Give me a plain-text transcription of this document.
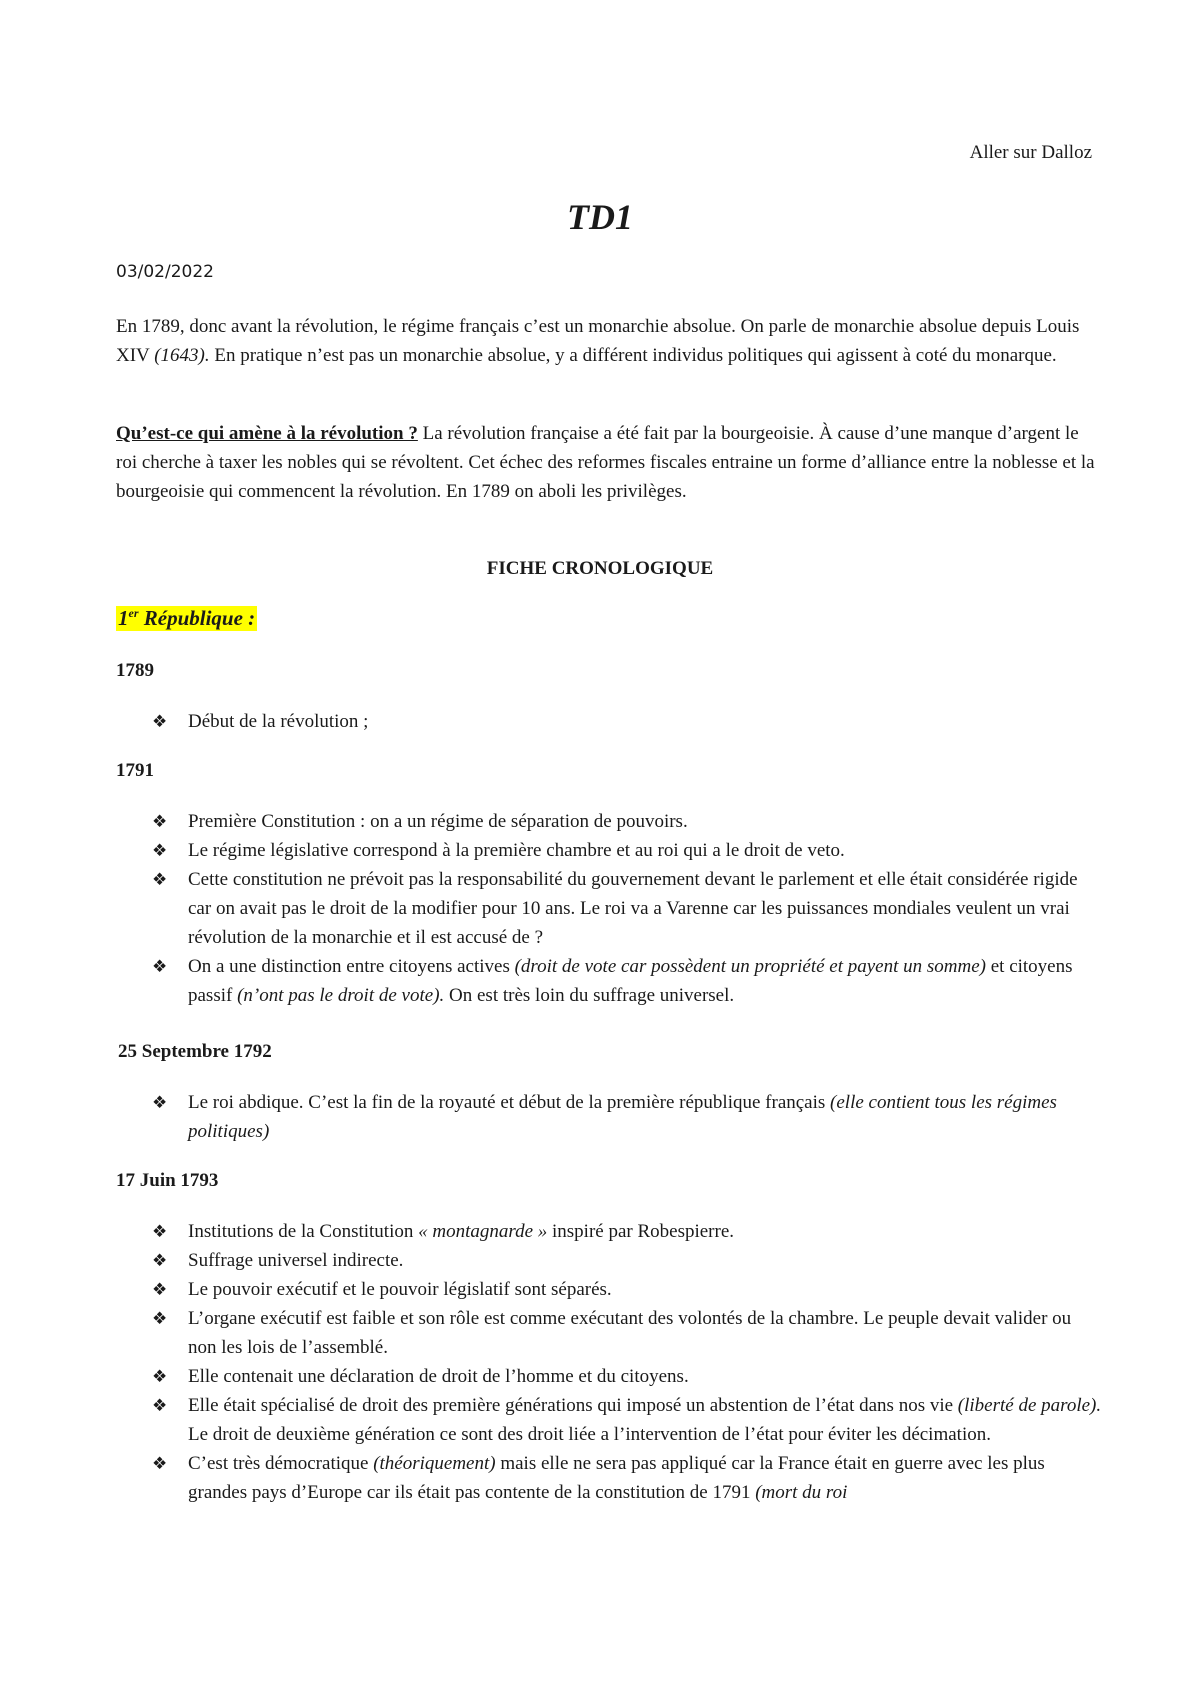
Aller sur Dalloz
TD1
03/02/2022
En 1789, donc avant la révolution, le régime français c’est un monarchie absolue. On parle de monarchie absolue depuis Louis XIV (1643). En pratique n’est pas un monarchie absolue, y a différent individus politiques qui agissent à coté du monarque.
Qu’est-ce qui amène à la révolution ? La révolution française a été fait par la bourgeoisie. À cause d’une manque d’argent le roi cherche à taxer les nobles qui se révoltent. Cet échec des reformes fiscales entraine un forme d’alliance entre la noblesse et la bourgeoisie qui commencent la révolution. En 1789 on aboli les privilèges.
FICHE CRONOLOGIQUE
1er République :
1789
❖ Début de la révolution ;
1791
❖ Première Constitution : on a un régime de séparation de pouvoirs.
❖ Le régime législative correspond à la première chambre et au roi qui a le droit de veto.
❖ Cette constitution ne prévoit pas la responsabilité du gouvernement devant le parlement et elle était considérée rigide car on avait pas le droit de la modifier pour 10 ans. Le roi va a Varenne car les puissances mondiales veulent un vrai révolution de la monarchie et il est accusé de ?
❖ On a une distinction entre citoyens actives (droit de vote car possèdent un propriété et payent un somme) et citoyens passif (n’ont pas le droit de vote). On est très loin du suffrage universel.
25 Septembre 1792
❖ Le roi abdique. C’est la fin de la royauté et début de la première république français (elle contient tous les régimes politiques)
17 Juin 1793
❖ Institutions de la Constitution « montagnarde » inspiré par Robespierre.
❖ Suffrage universel indirecte.
❖ Le pouvoir exécutif et le pouvoir législatif sont séparés.
❖ L’organe exécutif est faible et son rôle est comme exécutant des volontés de la chambre. Le peuple devait valider ou non les lois de l’assemblé.
❖ Elle contenait une déclaration de droit de l’homme et du citoyens.
❖ Elle était spécialisé de droit des première générations qui imposé un abstention de l’état dans nos vie (liberté de parole). Le droit de deuxième génération ce sont des droit liée a l’intervention de l’état pour éviter les décimation.
❖ C’est très démocratique (théoriquement) mais elle ne sera pas appliqué car la France était en guerre avec les plus grandes pays d’Europe car ils était pas contente de la constitution de 1791 (mort du roi
